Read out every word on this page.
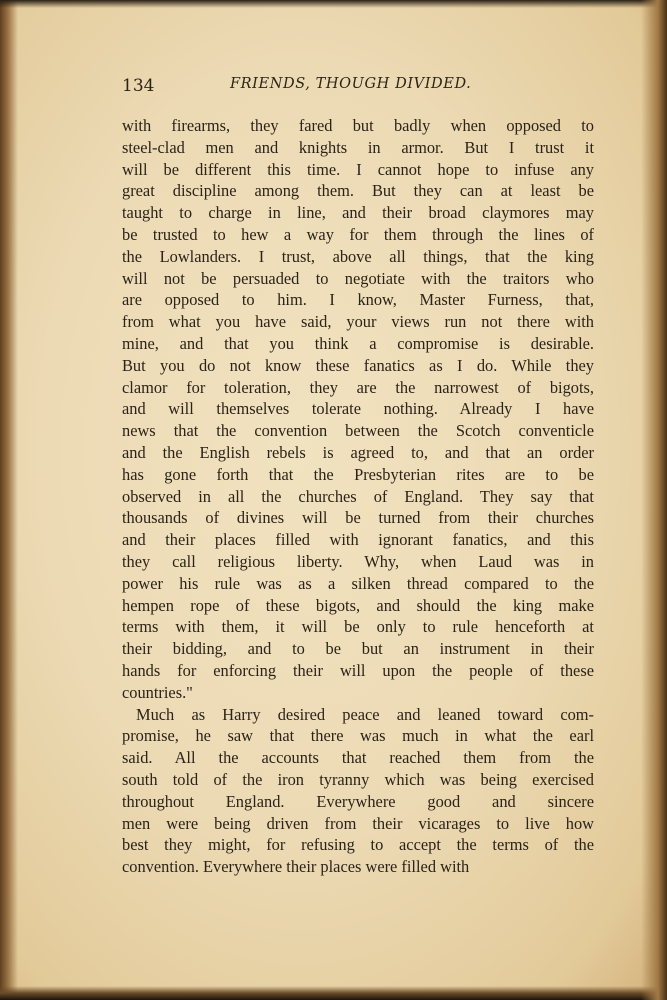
134	FRIENDS, THOUGH DIVIDED.
with firearms, they fared but badly when opposed to
steel-clad men and knights in armor. But I trust it
will be different this time. I cannot hope to infuse any
great discipline among them. But they can at least be
taught to charge in line, and their broad claymores may
be trusted to hew a way for them through the lines of
the Lowlanders. I trust, above all things, that the king
will not be persuaded to negotiate with the traitors who
are opposed to him. I know, Master Furness, that,
from what you have said, your views run not there with
mine, and that you think a compromise is desirable.
But you do not know these fanatics as I do. While they
clamor for toleration, they are the narrowest of bigots,
and will themselves tolerate nothing. Already I have
news that the convention between the Scotch conventicle
and the English rebels is agreed to, and that an order
has gone forth that the Presbyterian rites are to be
observed in all the churches of England. They say that
thousands of divines will be turned from their churches
and their places filled with ignorant fanatics, and this
they call religious liberty. Why, when Laud was in
power his rule was as a silken thread compared to the
hempen rope of these bigots, and should the king make
terms with them, it will be only to rule henceforth at
their bidding, and to be but an instrument in their
hands for enforcing their will upon the people of these
countries."
Much as Harry desired peace and leaned toward com-
promise, he saw that there was much in what the earl
said. All the accounts that reached them from the
south told of the iron tyranny which was being exercised
throughout England. Everywhere good and sincere
men were being driven from their vicarages to live how
best they might, for refusing to accept the terms of the
convention. Everywhere their places were filled with
